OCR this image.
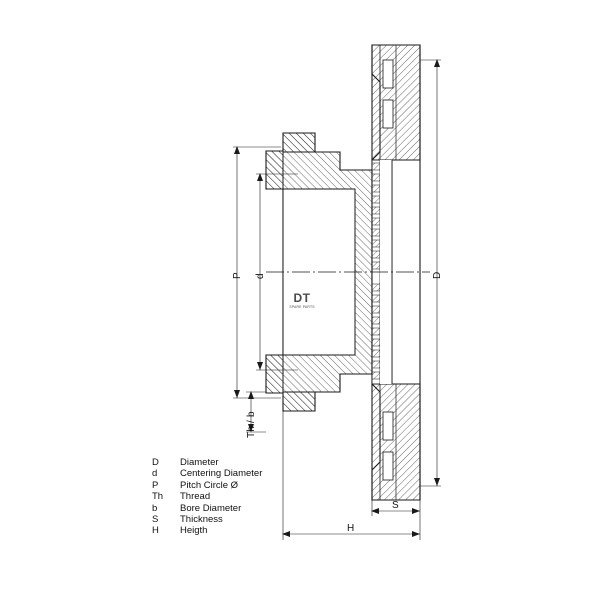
P d	D
Th / b
S
H
DT
SPARE PARTS
D	Diameter
d	Centering Diameter
P	Pitch Circle Ø
Th	Thread
b	Bore Diameter
S	Thickness
H	Heigth
